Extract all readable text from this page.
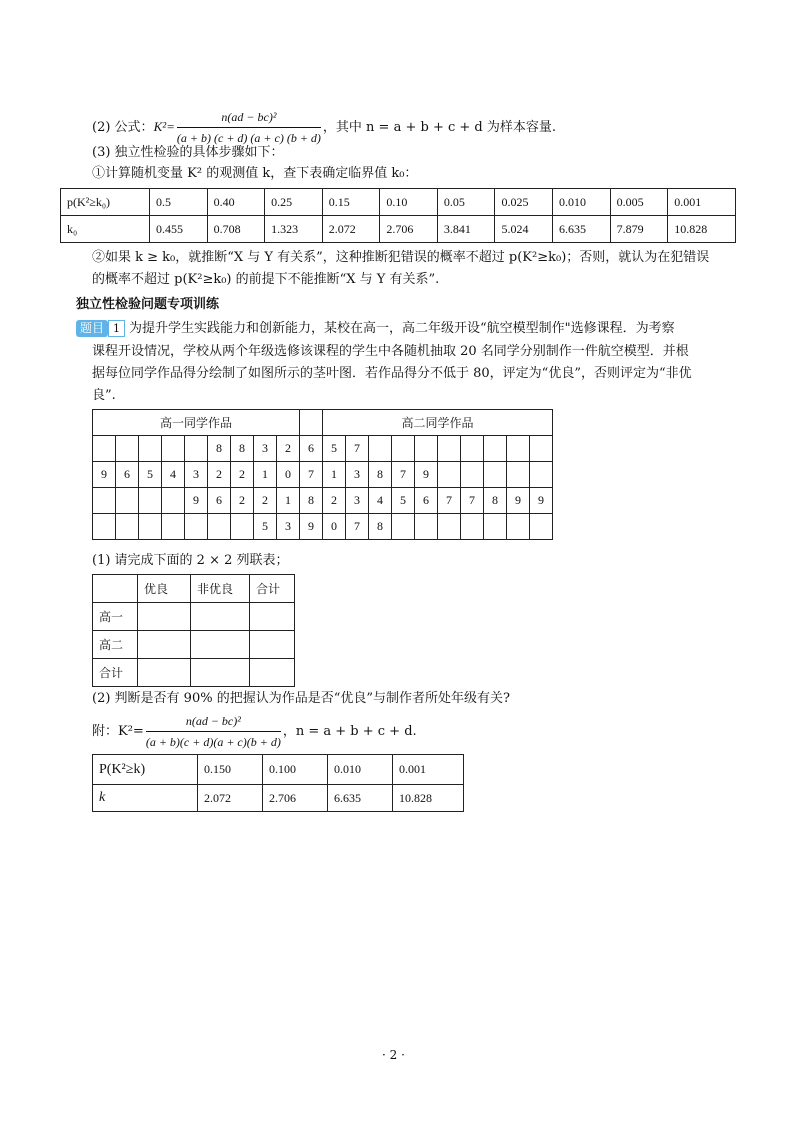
(2) 公式：$K^2= \frac{\text{n(ad − bc)²}}{(a + b) (c + d) (a + c) (b + d)}$ ，其中 n = a + b + c + d 为样本容量.
(3) 独立性检验的具体步骤如下：
①计算随机变量 K² 的观测值 k，查下表确定临界值 k₀：
p(K²≥k₀)	0.5	0.40	0.25	0.15	0.10	0.05	0.025	0.010	0.005	0.001
k₀	0.455	0.708	1.323	2.072	2.706	3.841	5.024	6.635	7.879	10.828
②如果 k ≥ k₀，就推断“X 与 Y 有关系”，这种推断犯错误的概率不超过 p(K²≥k₀)；否则，就认为在犯错误
的概率不超过 p(K²≥k₀) 的前提下不能推断“X 与 Y 有关系”.
独立性检验问题专项训练
题目 1 为提升学生实践能力和创新能力，某校在高一，高二年级开设“航空模型制作"选修课程．为考察
课程开设情况，学校从两个年级选修该课程的学生中各随机抽取 20 名同学分别制作一件航空模型．并根
据每位同学作品得分绘制了如图所示的茎叶图．若作品得分不低于 80，评定为“优良”，否则评定为“非优
良”.
高一同学作品										高二同学作品									
					8	8	3	2	6	5	7								
9	6	5	4	3	2	2	1	0	7	1	3	8	7	9					
				9	6	2	2	1	8	2	3	4	5	6	7	7	8	9	9
							5	3	9	0	7	8							
(1) 请完成下面的 2 × 2 列联表；
	优良	非优良	合计
高一			
高二			
合计			
(2) 判断是否有 90% 的把握认为作品是否“优良”与制作者所处年级有关?
附：$K^2= \frac{\text{n(ad − bc)²}}{(a + b)(c + d)(a + c)(b + d)}$ ，n = a + b + c + d.
P(K²≥k)	0.150	0.100	0.010	0.001
k	2.072	2.706	6.635	10.828
· 2 ·
